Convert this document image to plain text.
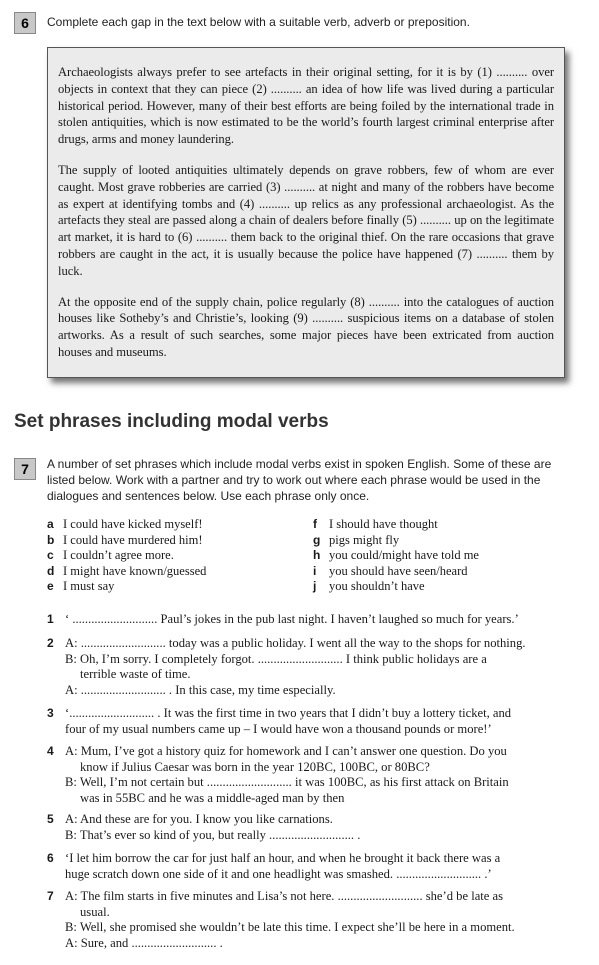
6	Complete each gap in the text below with a suitable verb, adverb or preposition.

Archaeologists always prefer to see artefacts in their original setting, for it is by (1) .......... over objects in context that they can piece (2) .......... an idea of how life was lived during a particular historical period. However, many of their best efforts are being foiled by the international trade in stolen antiquities, which is now estimated to be the world’s fourth largest criminal enterprise after drugs, arms and money laundering.

The supply of looted antiquities ultimately depends on grave robbers, few of whom are ever caught. Most grave robberies are carried (3) .......... at night and many of the robbers have become as expert at identifying tombs and (4) .......... up relics as any professional archaeologist. As the artefacts they steal are passed along a chain of dealers before finally (5) .......... up on the legitimate art market, it is hard to (6) .......... them back to the original thief. On the rare occasions that grave robbers are caught in the act, it is usually because the police have happened (7) .......... them by luck.

At the opposite end of the supply chain, police regularly (8) .......... into the catalogues of auction houses like Sotheby’s and Christie’s, looking (9) .......... suspicious items on a database of stolen artworks. As a result of such searches, some major pieces have been extricated from auction houses and museums.

Set phrases including modal verbs
7	A number of set phrases which include modal verbs exist in spoken English. Some of these are listed below. Work with a partner and try to work out where each phrase would be used in the dialogues and sentences below. Use each phrase only once.
a I could have kicked myself!
b I could have murdered him!
c I couldn’t agree more.
d I might have known/guessed
e I must say
f I should have thought
g pigs might fly
h you could/might have told me
i you should have seen/heard
j you shouldn’t have
1 ‘ ........................... Paul’s jokes in the pub last night. I haven’t laughed so much for years.’
2 A: ........................... today was a public holiday. I went all the way to the shops for nothing.
B: Oh, I’m sorry. I completely forgot. ........................... I think public holidays are a
terrible waste of time.
A: ........................... . In this case, my time especially.
3 ‘........................... . It was the first time in two years that I didn’t buy a lottery ticket, and
four of my usual numbers came up – I would have won a thousand pounds or more!’
4 A: Mum, I’ve got a history quiz for homework and I can’t answer one question. Do you
know if Julius Caesar was born in the year 120BC, 100BC, or 80BC?
B: Well, I’m not certain but ........................... it was 100BC, as his first attack on Britain
was in 55BC and he was a middle-aged man by then
5 A: And these are for you. I know you like carnations.
B: That’s ever so kind of you, but really ........................... .
6 ‘I let him borrow the car for just half an hour, and when he brought it back there was a
huge scratch down one side of it and one headlight was smashed. ........................... .’
7 A: The film starts in five minutes and Lisa’s not here. ........................... she’d be late as
usual.
B: Well, she promised she wouldn’t be late this time. I expect she’ll be here in a moment.
A: Sure, and ........................... .
